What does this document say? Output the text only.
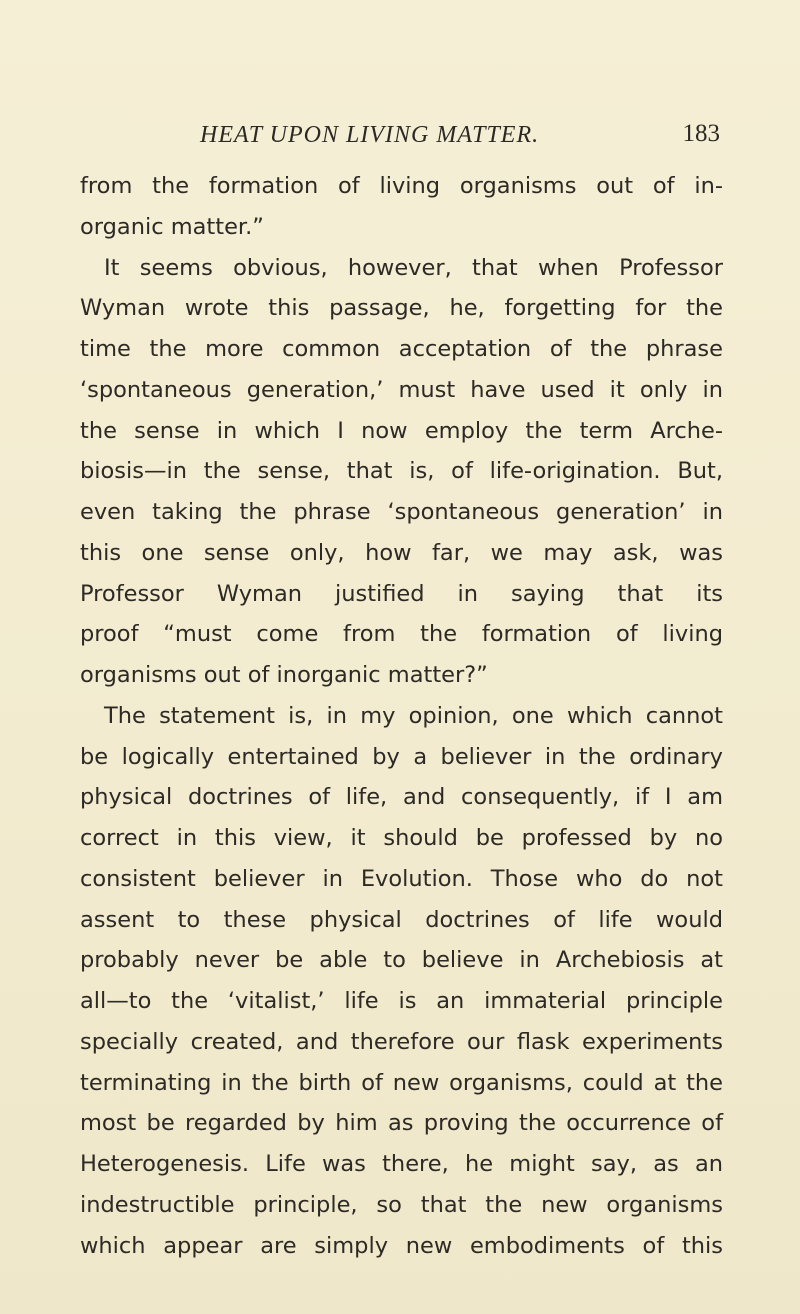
HEAT UPON LIVING MATTER.	183
from the formation of living organisms out of in-
organic matter.”
It seems obvious, however, that when Professor
Wyman wrote this passage, he, forgetting for the
time the more common acceptation of the phrase
‘spontaneous generation,’ must have used it only in
the sense in which I now employ the term Arche-
biosis—in the sense, that is, of life-origination. But,
even taking the phrase ‘spontaneous generation’ in
this one sense only, how far, we may ask, was
Professor Wyman justified in saying that its
proof “must come from the formation of living
organisms out of inorganic matter?”
The statement is, in my opinion, one which cannot
be logically entertained by a believer in the ordinary
physical doctrines of life, and consequently, if I am
correct in this view, it should be professed by no
consistent believer in Evolution. Those who do not
assent to these physical doctrines of life would
probably never be able to believe in Archebiosis at
all—to the ‘vitalist,’ life is an immaterial principle
specially created, and therefore our flask experiments
terminating in the birth of new organisms, could at the
most be regarded by him as proving the occurrence of
Heterogenesis. Life was there, he might say, as an
indestructible principle, so that the new organisms
which appear are simply new embodiments of this
